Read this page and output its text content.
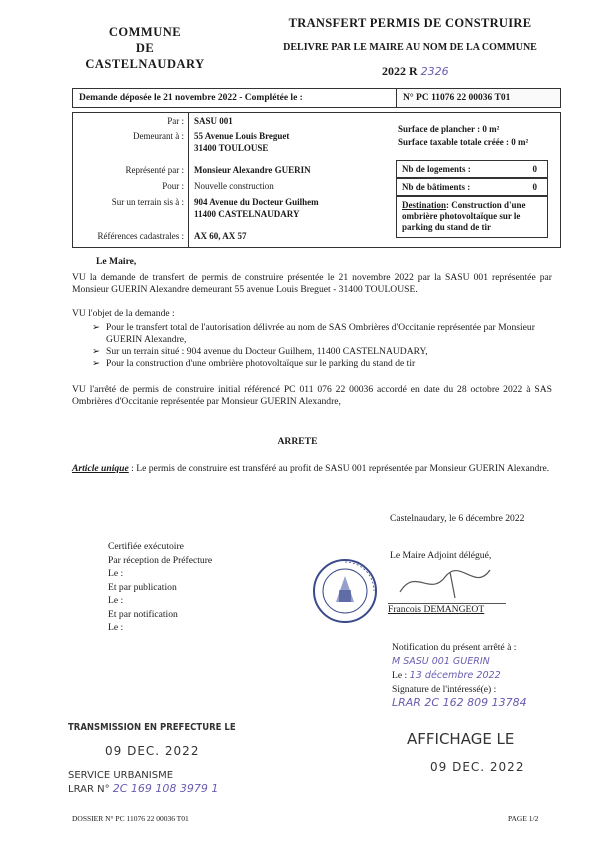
COMMUNE
DE
CASTELNAUDARY
TRANSFERT PERMIS DE CONSTRUIRE
DELIVRE PAR LE MAIRE AU NOM DE LA COMMUNE
2022 R 2326
Demande déposée le 21 novembre 2022 - Complétée le :	N° PC 11076 22 00036 T01
Par : SASU 001
Demeurant à : 55 Avenue Louis Breguet
31400 TOULOUSE
Représenté par : Monsieur Alexandre GUERIN
Pour : Nouvelle construction
Sur un terrain sis à : 904 Avenue du Docteur Guilhem
11400 CASTELNAUDARY
Références cadastrales : AX 60, AX 57
Surface de plancher : 0 m²
Surface taxable totale créée : 0 m²
Nb de logements :	0
Nb de bâtiments :	0
Destination: Construction d'une ombrière photovoltaïque sur le parking du stand de tir
Le Maire,
VU la demande de transfert de permis de construire présentée le 21 novembre 2022 par la SASU 001 représentée par Monsieur GUERIN Alexandre demeurant 55 avenue Louis Breguet - 31400 TOULOUSE.
VU l'objet de la demande :
➢ Pour le transfert total de l'autorisation délivrée au nom de SAS Ombrières d'Occitanie représentée par Monsieur GUERIN Alexandre,
➢ Sur un terrain situé : 904 avenue du Docteur Guilhem, 11400 CASTELNAUDARY,
➢ Pour la construction d'une ombrière photovoltaïque sur le parking du stand de tir
VU l'arrêté de permis de construire initial référencé PC 011 076 22 00036 accordé en date du 28 octobre 2022 à SAS Ombrières d'Occitanie représentée par Monsieur GUERIN Alexandre,
ARRETE
Article unique : Le permis de construire est transféré au profit de SASU 001 représentée par Monsieur GUERIN Alexandre.
Castelnaudary, le 6 décembre 2022
Certifiée exécutoire
Par réception de Préfecture
Le :
Et par publication
Le :
Et par notification
Le :
Le Maire Adjoint délégué,
Francois DEMANGEOT
Notification du présent arrêté à :
M SASU 001 GUERIN
Le : 13 décembre 2022
Signature de l'intéressé(e) :
LRAR 2C 162 809 13784
TRANSMISSION EN PREFECTURE LE
09 DEC. 2022
SERVICE URBANISME
LRAR N° 2C 169 108 3979 1
AFFICHAGE LE
09 DEC. 2022
DOSSIER N° PC 11076 22 00036 T01	PAGE 1/2
